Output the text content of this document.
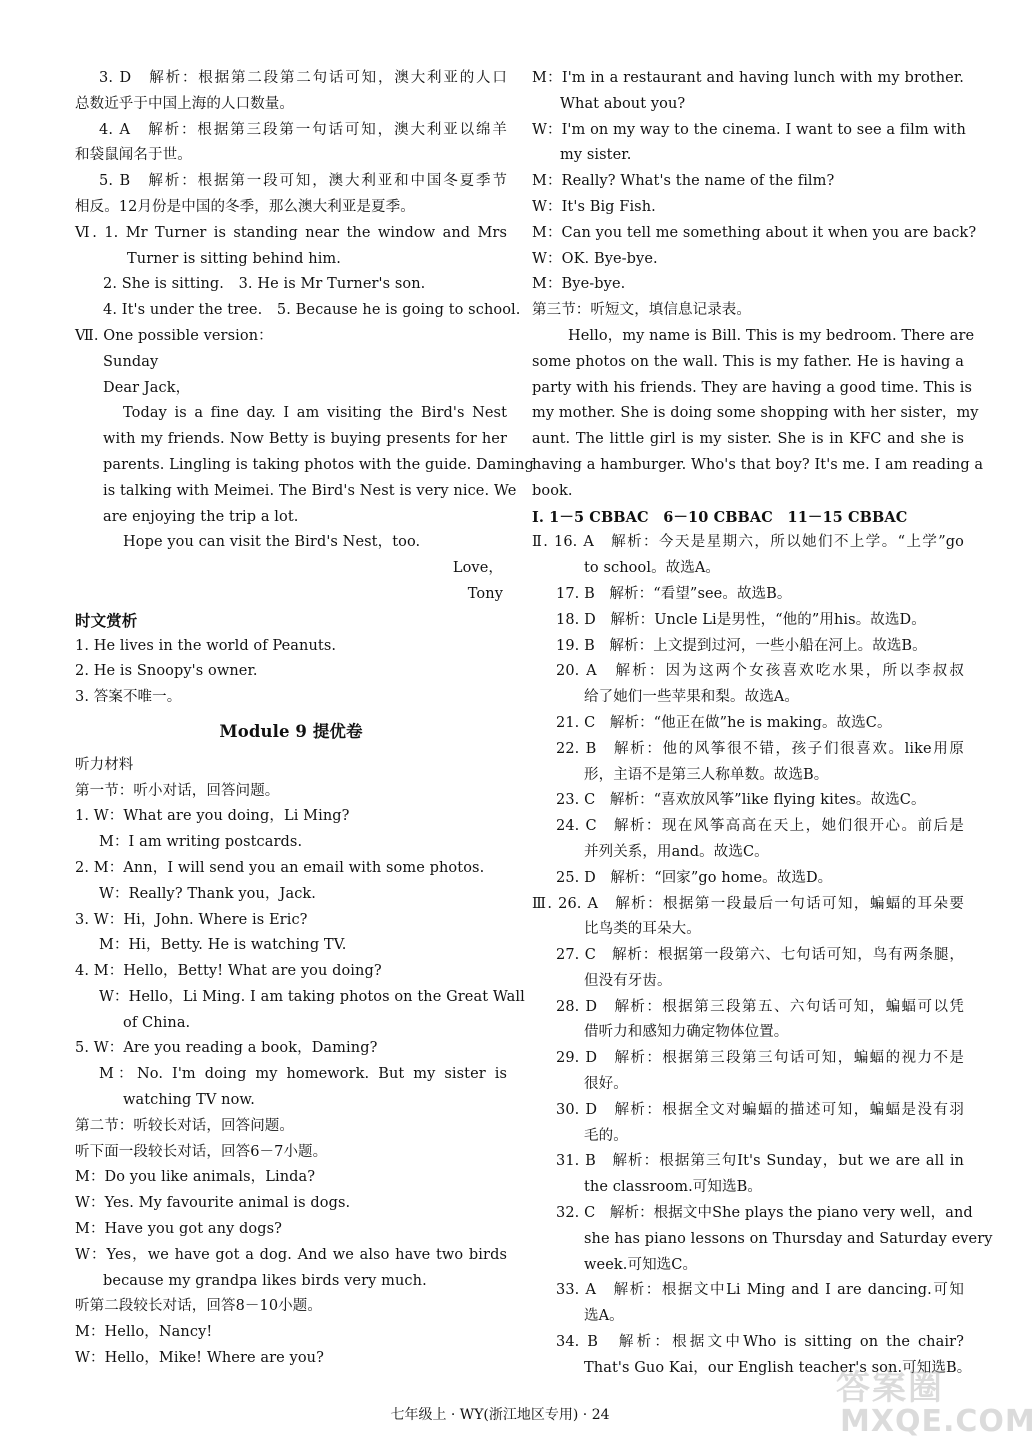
3. D　解析：根据第二段第二句话可知，澳大利亚的人口
总数近乎于中国上海的人口数量。
4. A　解析：根据第三段第一句话可知，澳大利亚以绵羊
和袋鼠闻名于世。
5. B　解析：根据第一段可知，澳大利亚和中国冬夏季节
相反。12月份是中国的冬季，那么澳大利亚是夏季。
Ⅵ. 1. Mr Turner is standing near the window and Mrs
Turner is sitting behind him.
2. She is sitting.　3. He is Mr Turner's son.
4. It's under the tree.　5. Because he is going to school.
Ⅶ. One possible version：
Sunday
Dear Jack，
Today is a fine day. I am visiting the Bird's Nest
with my friends. Now Betty is buying presents for her
parents. Lingling is taking photos with the guide. Daming
is talking with Meimei. The Bird's Nest is very nice. We
are enjoying the trip a lot.
Hope you can visit the Bird's Nest，too.
Love，
Tony
时文赏析
1. He lives in the world of Peanuts.
2. He is Snoopy's owner.
3. 答案不唯一。
Module 9 提优卷
听力材料
第一节：听小对话，回答问题。
1. W：What are you doing，Li Ming?
M：I am writing postcards.
2. M：Ann，I will send you an email with some photos.
W：Really? Thank you，Jack.
3. W：Hi，John. Where is Eric?
M：Hi，Betty. He is watching TV.
4. M：Hello，Betty! What are you doing?
W：Hello，Li Ming. I am taking photos on the Great Wall
of China.
5. W：Are you reading a book，Daming?
M：No. I'm doing my homework. But my sister is
watching TV now.
第二节：听较长对话，回答问题。
听下面一段较长对话，回答6－7小题。
M：Do you like animals，Linda?
W：Yes. My favourite animal is dogs.
M：Have you got any dogs?
W：Yes，we have got a dog. And we also have two birds
because my grandpa likes birds very much.
听第二段较长对话，回答8－10小题。
M：Hello，Nancy!
W：Hello，Mike! Where are you?
M：I'm in a restaurant and having lunch with my brother.
What about you?
W：I'm on my way to the cinema. I want to see a film with
my sister.
M：Really? What's the name of the film?
W：It's Big Fish.
M：Can you tell me something about it when you are back?
W：OK. Bye-bye.
M：Bye-bye.
第三节：听短文，填信息记录表。
Hello，my name is Bill. This is my bedroom. There are
some photos on the wall. This is my father. He is having a
party with his friends. They are having a good time. This is
my mother. She is doing some shopping with her sister，my
aunt. The little girl is my sister. She is in KFC and she is
having a hamburger. Who's that boy? It's me. I am reading a
book.
Ⅰ. 1－5 CBBAC　6－10 CBBAC　11－15 CBBAC
Ⅱ. 16. A　解析：今天是星期六，所以她们不上学。“上学”go
to school。故选A。
17. B　解析：“看望”see。故选B。
18. D　解析：Uncle Li是男性，“他的”用his。故选D。
19. B　解析：上文提到过河，一些小船在河上。故选B。
20. A　解析：因为这两个女孩喜欢吃水果，所以李叔叔
给了她们一些苹果和梨。故选A。
21. C　解析：“他正在做”he is making。故选C。
22. B　解析：他的风筝很不错，孩子们很喜欢。like用原
形，主语不是第三人称单数。故选B。
23. C　解析：“喜欢放风筝”like flying kites。故选C。
24. C　解析：现在风筝高高在天上，她们很开心。前后是
并列关系，用and。故选C。
25. D　解析：“回家”go home。故选D。
Ⅲ. 26. A　解析：根据第一段最后一句话可知，蝙蝠的耳朵要
比鸟类的耳朵大。
27. C　解析：根据第一段第六、七句话可知，鸟有两条腿，
但没有牙齿。
28. D　解析：根据第三段第五、六句话可知，蝙蝠可以凭
借听力和感知力确定物体位置。
29. D　解析：根据第三段第三句话可知，蝙蝠的视力不是
很好。
30. D　解析：根据全文对蝙蝠的描述可知，蝙蝠是没有羽
毛的。
31. B　解析：根据第三句It's Sunday，but we are all in
the classroom.可知选B。
32. C　解析：根据文中She plays the piano very well，and
she has piano lessons on Thursday and Saturday every
week.可知选C。
33. A　解析：根据文中Li Ming and I are dancing.可知
选A。
34. B　解析：根据文中Who is sitting on the chair?
That's Guo Kai，our English teacher's son.可知选B。
七年级上 · WY(浙江地区专用) · 24
答案圈
MXQE.COM
